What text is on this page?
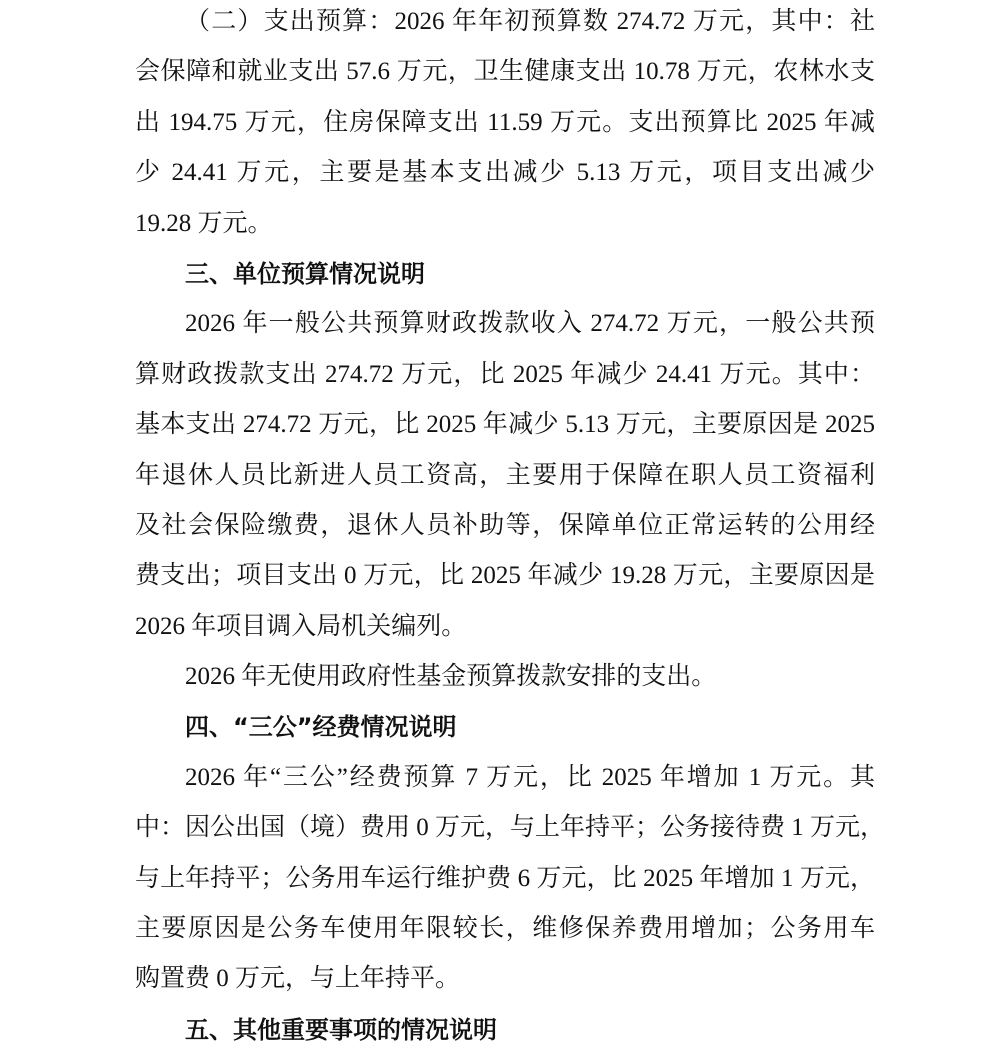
（二）支出预算：2026 年年初预算数 274.72 万元，其中：社
会保障和就业支出 57.6 万元，卫生健康支出 10.78 万元，农林水支
出 194.75 万元，住房保障支出 11.59 万元。支出预算比 2025 年减
少 24.41 万元，主要是基本支出减少 5.13 万元，项目支出减少
19.28 万元。
三、单位预算情况说明
2026 年一般公共预算财政拨款收入 274.72 万元，一般公共预
算财政拨款支出 274.72 万元，比 2025 年减少 24.41 万元。其中：
基本支出 274.72 万元，比 2025 年减少 5.13 万元，主要原因是 2025
年退休人员比新进人员工资高，主要用于保障在职人员工资福利
及社会保险缴费，退休人员补助等，保障单位正常运转的公用经
费支出；项目支出 0 万元，比 2025 年减少 19.28 万元，主要原因是
2026 年项目调入局机关编列。
2026 年无使用政府性基金预算拨款安排的支出。
四、“三公”经费情况说明
2026 年“三公”经费预算 7 万元，比 2025 年增加 1 万元。其
中：因公出国（境）费用 0 万元，与上年持平；公务接待费 1 万元，
与上年持平；公务用车运行维护费 6 万元，比 2025 年增加 1 万元，
主要原因是公务车使用年限较长，维修保养费用增加；公务用车
购置费 0 万元，与上年持平。
五、其他重要事项的情况说明
